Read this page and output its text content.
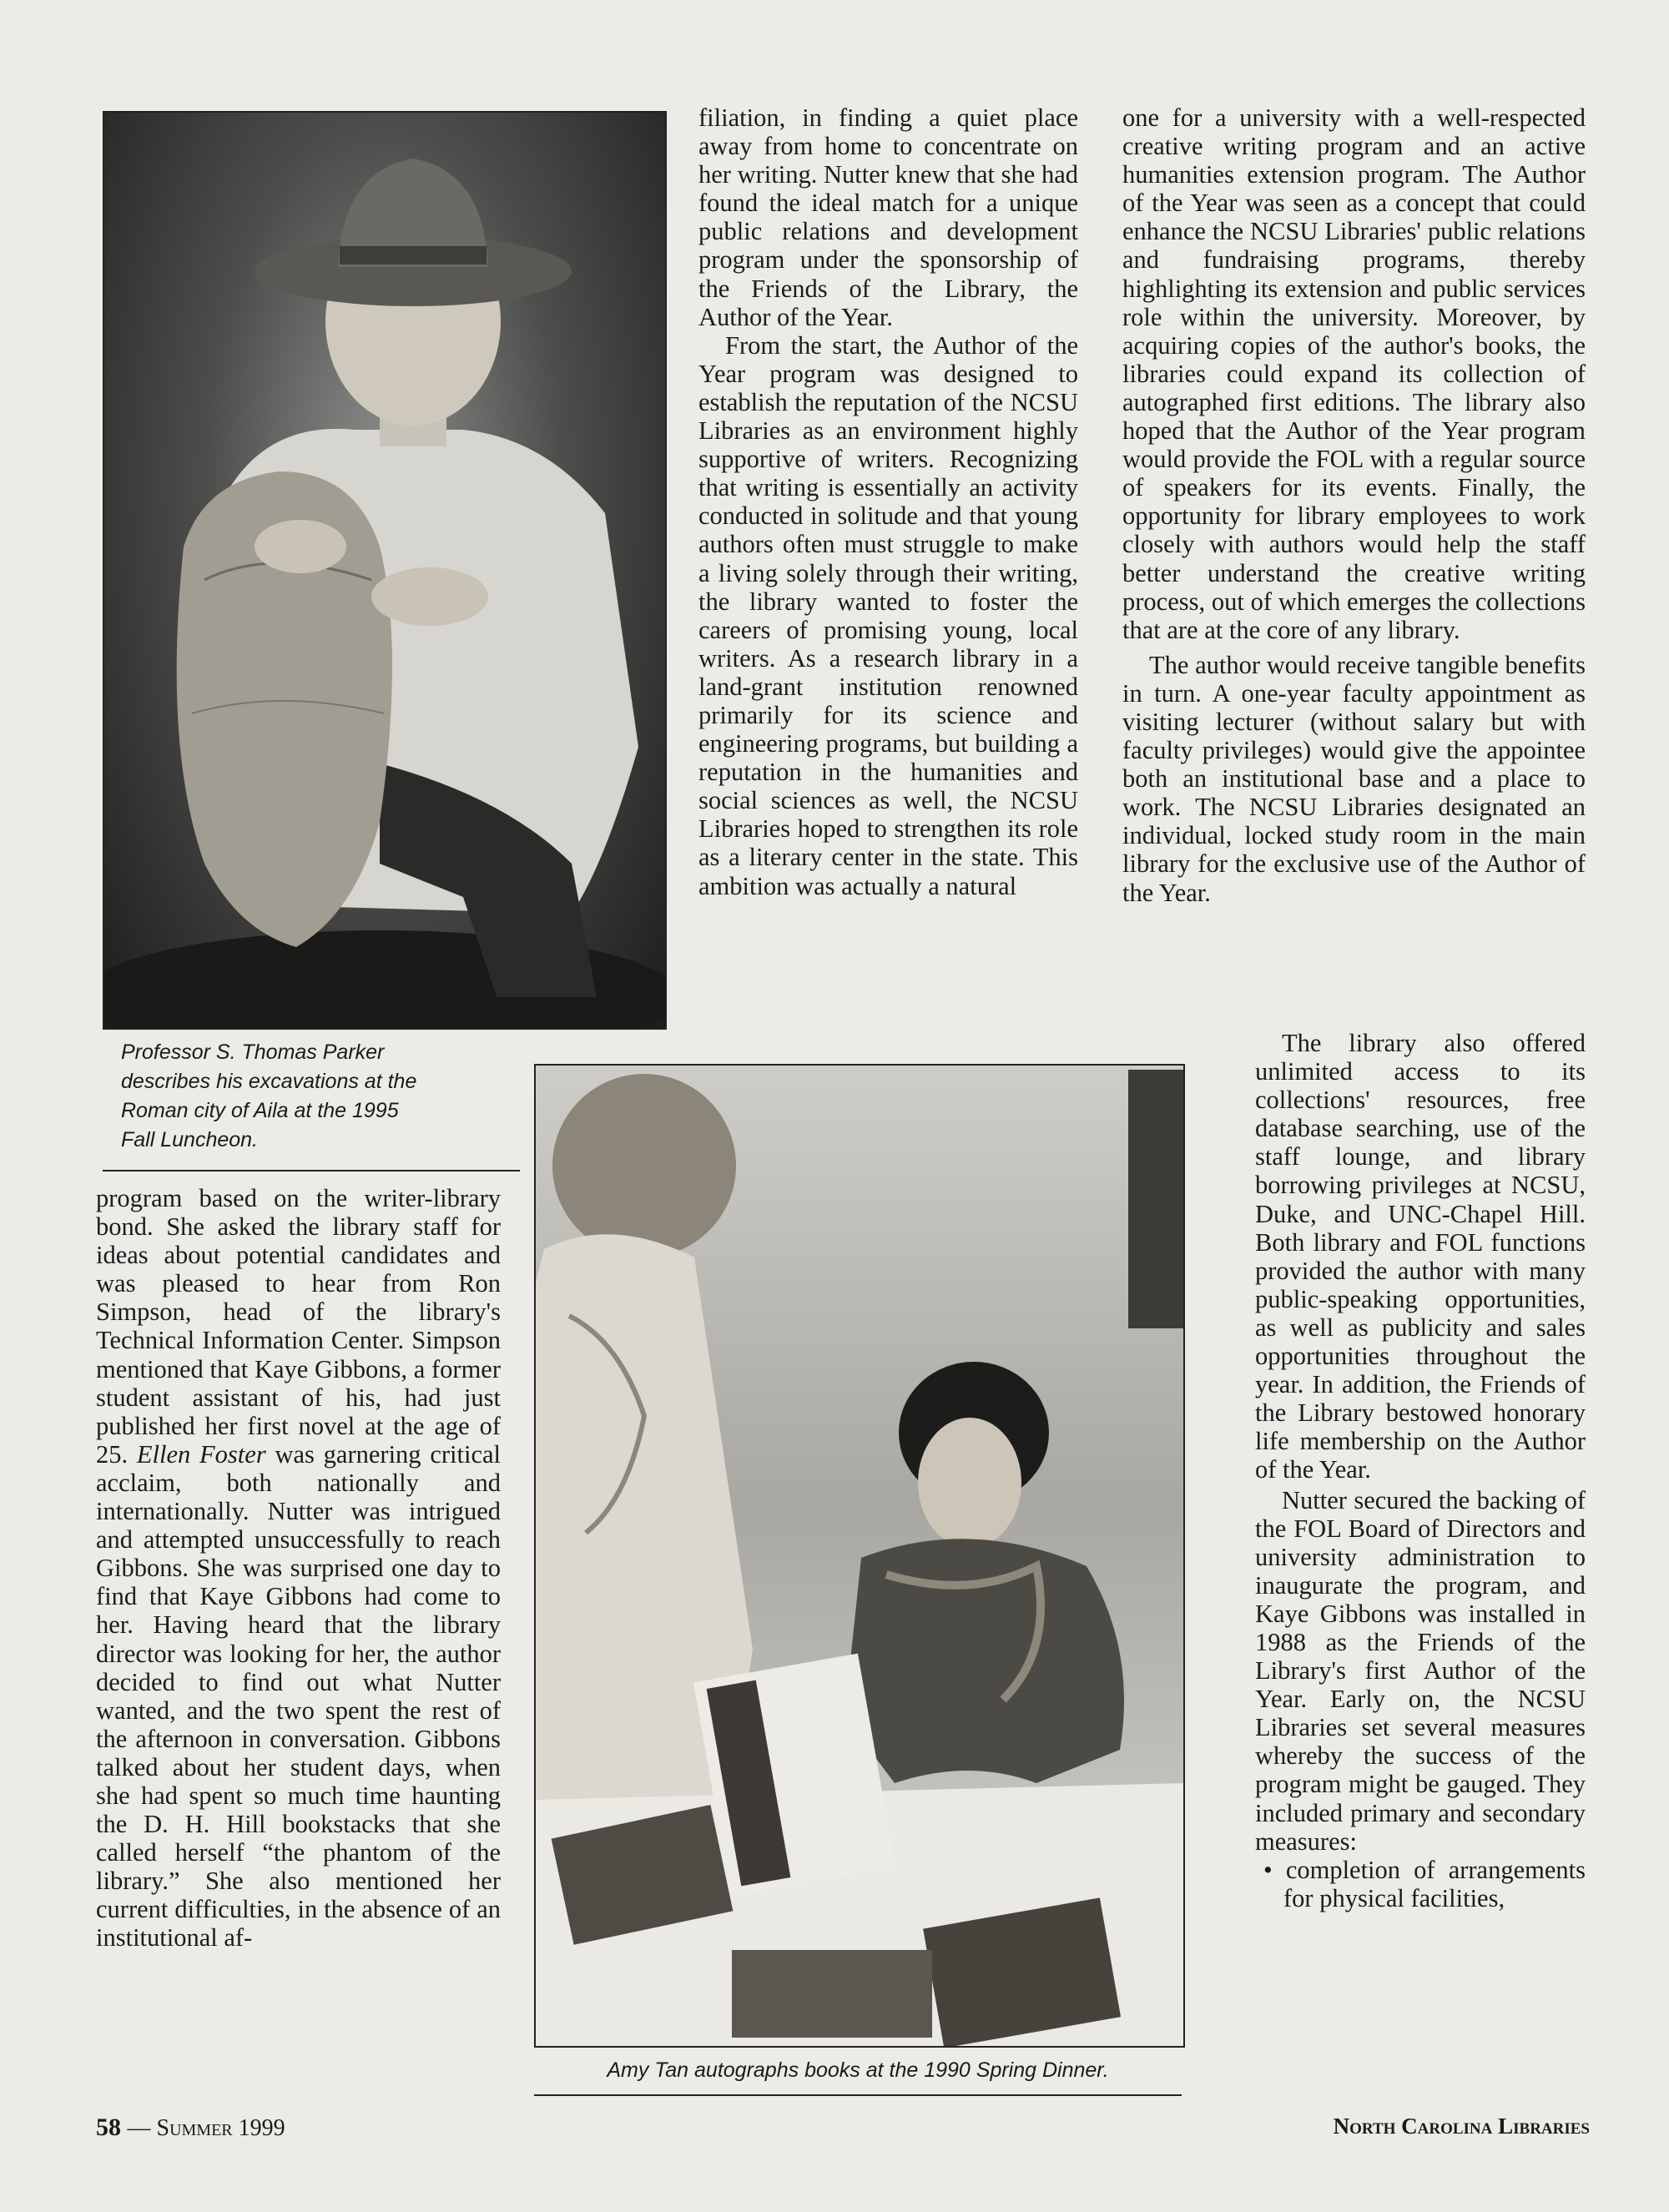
Professor S. Thomas Parker
describes his excavations at the
Roman city of Aila at the 1995
Fall Luncheon.
Amy Tan autographs books at the 1990 Spring Dinner.

program based on the writer-library bond. She asked the library staff for ideas about potential candidates and was pleased to hear from Ron Simpson, head of the library's Technical Information Center. Simpson mentioned that Kaye Gibbons, a former student assistant of his, had just published her first novel at the age of 25. Ellen Foster was garnering critical acclaim, both nationally and internationally. Nutter was intrigued and attempted unsuccessfully to reach Gibbons. She was surprised one day to find that Kaye Gibbons had come to her. Having heard that the library director was looking for her, the author decided to find out what Nutter wanted, and the two spent the rest of the afternoon in conversation. Gibbons talked about her student days, when she had spent so much time haunting the D. H. Hill bookstacks that she called herself “the phantom of the library.” She also mentioned her current difficulties, in the absence of an institutional af-

filiation, in finding a quiet place away from home to concentrate on her writing. Nutter knew that she had found the ideal match for a unique public relations and development program under the sponsorship of the Friends of the Library, the Author of the Year.

From the start, the Author of the Year program was designed to establish the reputation of the NCSU Libraries as an environment highly supportive of writers. Recognizing that writing is essentially an activity conducted in solitude and that young authors often must struggle to make a living solely through their writing, the library wanted to foster the careers of promising young, local writers. As a research library in a land-grant institution renowned primarily for its science and engineering programs, but building a reputation in the humanities and social sciences as well, the NCSU Libraries hoped to strengthen its role as a literary center in the state. This ambition was actually a natural

one for a university with a well-respected creative writing program and an active humanities extension program. The Author of the Year was seen as a concept that could enhance the NCSU Libraries' public relations and fundraising programs, thereby highlighting its extension and public services role within the university. Moreover, by acquiring copies of the author's books, the libraries could expand its collection of autographed first editions. The library also hoped that the Author of the Year program would provide the FOL with a regular source of speakers for its events. Finally, the opportunity for library employees to work closely with authors would help the staff better understand the creative writing process, out of which emerges the collections that are at the core of any library.

The author would receive tangible benefits in turn. A one-year faculty appointment as visiting lecturer (without salary but with faculty privileges) would give the appointee both an institutional base and a place to work. The NCSU Libraries designated an individual, locked study room in the main library for the exclusive use of the Author of the Year.

The library also offered unlimited access to its collections' resources, free database searching, use of the staff lounge, and library borrowing privileges at NCSU, Duke, and UNC-Chapel Hill. Both library and FOL functions provided the author with many public-speaking opportunities, as well as publicity and sales opportunities throughout the year. In addition, the Friends of the Library bestowed honorary life membership on the Author of the Year.

Nutter secured the backing of the FOL Board of Directors and university administration to inaugurate the program, and Kaye Gibbons was installed in 1988 as the Friends of the Library's first Author of the Year. Early on, the NCSU Libraries set several measures whereby the success of the program might be gauged. They included primary and secondary measures:

• completion of arrangements for physical facilities,

58 — Summer 1999	North Carolina Libraries
